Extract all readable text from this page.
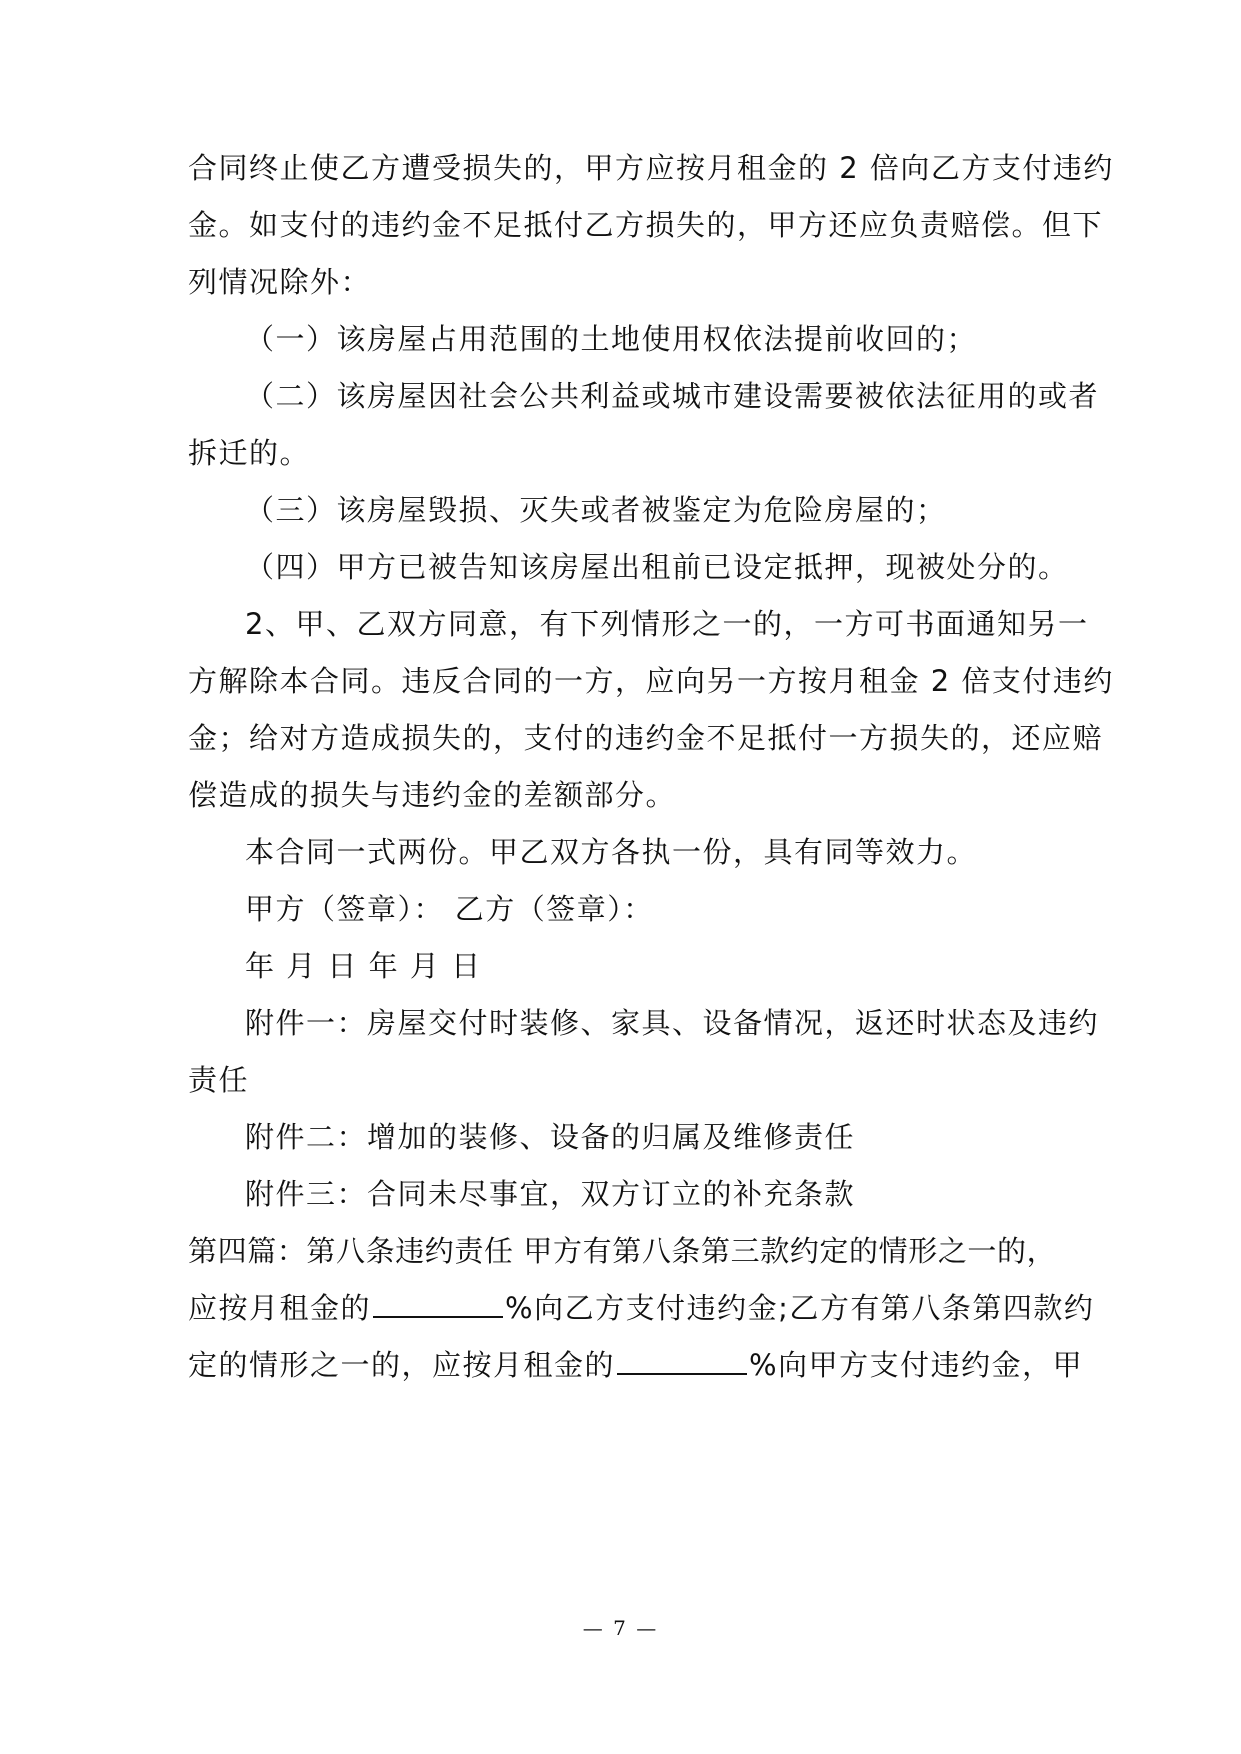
合同终止使乙方遭受损失的，甲方应按月租金的 2 倍向乙方支付违约
金。如支付的违约金不足抵付乙方损失的，甲方还应负责赔偿。但下
列情况除外：
（一）该房屋占用范围的土地使用权依法提前收回的；
（二）该房屋因社会公共利益或城市建设需要被依法征用的或者
拆迁的。
（三）该房屋毁损、灭失或者被鉴定为危险房屋的；
（四）甲方已被告知该房屋出租前已设定抵押，现被处分的。
2、甲、乙双方同意，有下列情形之一的，一方可书面通知另一
方解除本合同。违反合同的一方，应向另一方按月租金 2 倍支付违约
金；给对方造成损失的，支付的违约金不足抵付一方损失的，还应赔
偿造成的损失与违约金的差额部分。
本合同一式两份。甲乙双方各执一份，具有同等效力。
甲方（签章）： 乙方（签章）：
年 月 日 年 月 日
附件一：房屋交付时装修、家具、设备情况，返还时状态及违约
责任
附件二：增加的装修、设备的归属及维修责任
附件三：合同未尽事宜，双方订立的补充条款
第四篇：第八条违约责任 甲方有第八条第三款约定的情形之一的，
应按月租金的	%向乙方支付违约金;乙方有第八条第四款约
定的情形之一的，应按月租金的	%向甲方支付违约金，甲
— 7 —
